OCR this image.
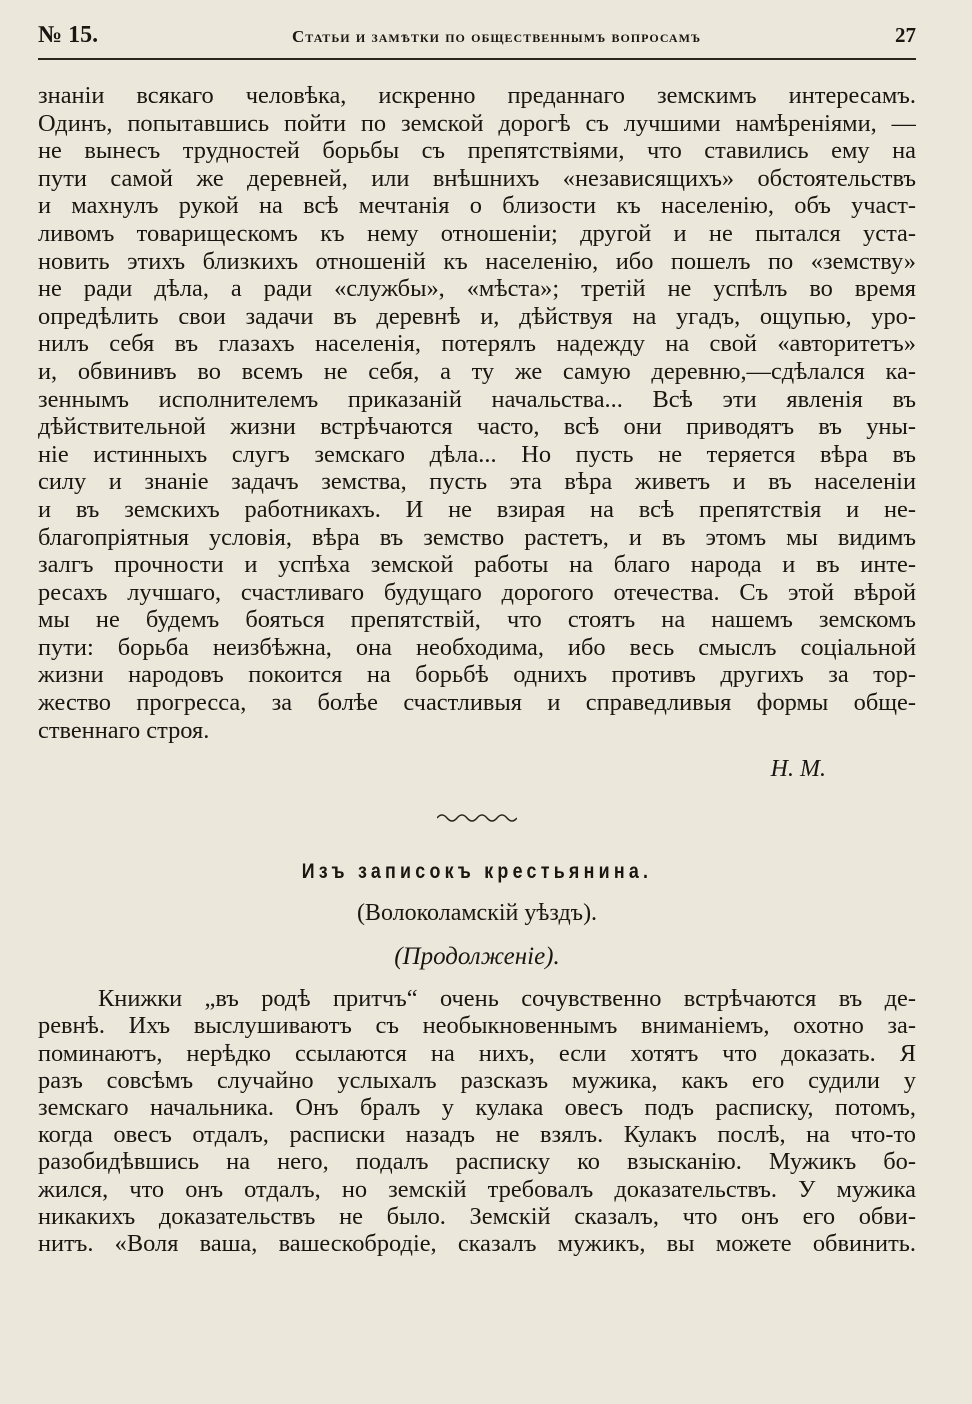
№ 15.	Статьи и замѣтки по общественнымъ вопросамъ	27
знаніи всякаго человѣка, искренно преданнаго земскимъ интересамъ.
Одинъ, попытавшись пойти по земской дорогѣ съ лучшими намѣреніями, —
не вынесъ трудностей борьбы съ препятствіями, что ставились ему на
пути самой же деревней, или внѣшнихъ «независящихъ» обстоятельствъ
и махнулъ рукой на всѣ мечтанія о близости къ населенію, объ участ-
ливомъ товарищескомъ къ нему отношеніи; другой и не пытался уста-
новить этихъ близкихъ отношеній къ населенію, ибо пошелъ по «земству»
не ради дѣла, а ради «службы», «мѣста»; третій не успѣлъ во время
опредѣлить свои задачи въ деревнѣ и, дѣйствуя на угадъ, ощупью, уро-
нилъ себя въ глазахъ населенія, потерялъ надежду на свой «авторитетъ»
и, обвинивъ во всемъ не себя, а ту же самую деревню,—сдѣлался ка-
зеннымъ исполнителемъ приказаній начальства... Всѣ эти явленія въ
дѣйствительной жизни встрѣчаются часто, всѣ они приводятъ въ уны-
ніе истинныхъ слугъ земскаго дѣла... Но пусть не теряется вѣра въ
силу и знаніе задачъ земства, пусть эта вѣра живетъ и въ населеніи
и въ земскихъ работникахъ. И не взирая на всѣ препятствія и не-
благопріятныя условія, вѣра въ земство растетъ, и въ этомъ мы видимъ
залгъ прочности и успѣха земской работы на благо народа и въ инте-
ресахъ лучшаго, счастливаго будущаго дорогого отечества. Съ этой вѣрой
мы не будемъ бояться препятствій, что стоятъ на нашемъ земскомъ
пути: борьба неизбѣжна, она необходима, ибо весь смыслъ соціальной
жизни народовъ покоится на борьбѣ однихъ противъ другихъ за тор-
жество прогресса, за болѣе счастливыя и справедливыя формы обще-
ственнаго строя.
Н. М.
Изъ записокъ крестьянина.
(Волоколамскій уѣздъ).
(Продолженіе).
Книжки „въ родѣ притчъ“ очень сочувственно встрѣчаются въ де-
ревнѣ. Ихъ выслушиваютъ съ необыкновеннымъ вниманіемъ, охотно за-
поминаютъ, нерѣдко ссылаются на нихъ, если хотятъ что доказать. Я
разъ совсѣмъ случайно услыхалъ разсказъ мужика, какъ его судили у
земскаго начальника. Онъ бралъ у кулака овесъ подъ расписку, потомъ,
когда овесъ отдалъ, расписки назадъ не взялъ. Кулакъ послѣ, на что-то
разобидѣвшись на него, подалъ расписку ко взысканію. Мужикъ бо-
жился, что онъ отдалъ, но земскій требовалъ доказательствъ. У мужика
никакихъ доказательствъ не было. Земскій сказалъ, что онъ его обви-
нитъ. «Воля ваша, вашескобродіе, сказалъ мужикъ, вы можете обвинить.
